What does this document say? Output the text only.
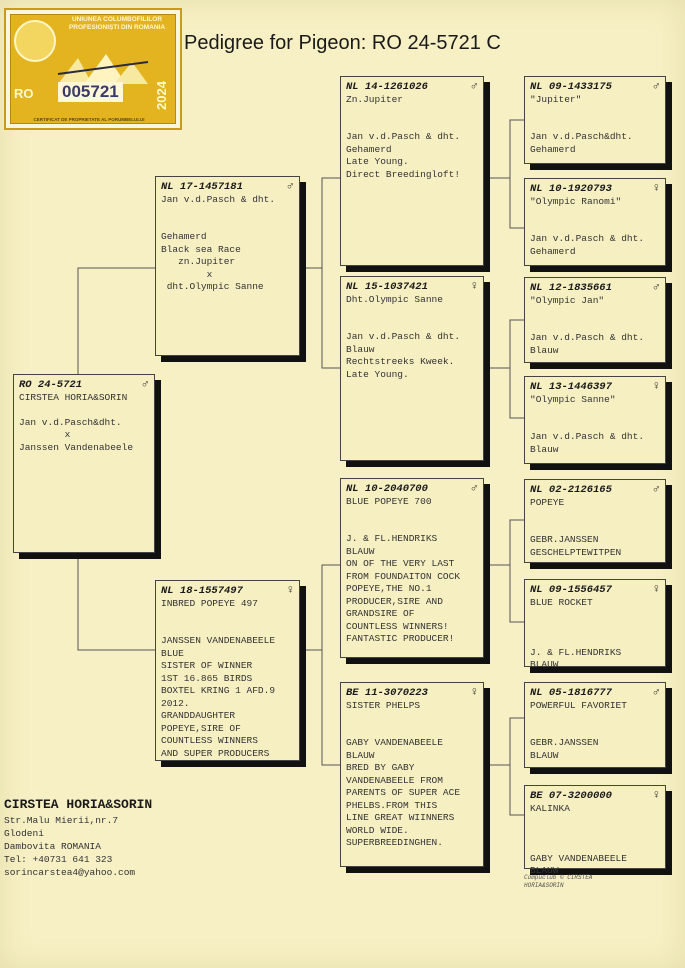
UNIUNEA COLUMBOFILILOR PROFESIONIȘTI DIN ROMANIA
RO 005721	2024
CERTIFICAT DE PROPRIETATE AL PORUMBELULUI
Pedigree for Pigeon: RO 24-5721 C
RO 24-5721	♂
CIRSTEA HORIA&SORIN
Jan v.d.Pasch&dht.
x
Janssen Vandenabeele
NL 17-1457181	♂
Jan v.d.Pasch & dht.
Gehamerd
Black sea Race
zn.Jupiter
x
dht.Olympic Sanne
NL 18-1557497	♀
INBRED POPEYE 497
JANSSEN VANDENABEELE
BLUE
SISTER OF WINNER
1ST 16.865 BIRDS
BOXTEL KRING 1 AFD.9
2012.
GRANDDAUGHTER
POPEYE,SIRE OF
COUNTLESS WINNERS
AND SUPER PRODUCERS
NL 14-1261026	♂
Zn.Jupiter
Jan v.d.Pasch & dht.
Gehamerd
Late Young.
Direct Breedingloft!
NL 15-1037421	♀
Dht.Olympic Sanne
Jan v.d.Pasch & dht.
Blauw
Rechtstreeks Kweek.
Late Young.
NL 10-2040700	♂
BLUE POPEYE 700
J. & FL.HENDRIKS
BLAUW
ON OF THE VERY LAST
FROM FOUNDAITON COCK
POPEYE,THE NO.1
PRODUCER,SIRE AND
GRANDSIRE OF
COUNTLESS WINNERS!
FANTASTIC PRODUCER!
BE 11-3070223	♀
SISTER PHELPS
GABY VANDENABEELE
BLAUW
BRED BY GABY
VANDENABEELE FROM
PARENTS OF SUPER ACE
PHELBS.FROM THIS
LINE GREAT WIINNERS
WORLD WIDE.
SUPERBREEDINGHEN.
NL 09-1433175	♂
"Jupiter"
Jan v.d.Pasch&dht.
Gehamerd
NL 10-1920793	♀
"Olympic Ranomi"
Jan v.d.Pasch & dht.
Gehamerd
NL 12-1835661	♂
"Olympic Jan"
Jan v.d.Pasch & dht.
Blauw
NL 13-1446397	♀
"Olympic Sanne"
Jan v.d.Pasch & dht.
Blauw
NL 02-2126165	♂
POPEYE
GEBR.JANSSEN
GESCHELPTEWITPEN
NL 09-1556457	♀
BLUE ROCKET
J. & FL.HENDRIKS
BLAUW
NL 05-1816777	♂
POWERFUL FAVORIET
GEBR.JANSSEN
BLAUW
BE 07-3200000	♀
KALINKA
GABY VANDENABEELE
BLAUW
CIRSTEA HORIA&SORIN
Str.Malu Mierii,nr.7
Glodeni
Dambovita ROMANIA
Tel: +40731 641 323
sorincarstea4@yahoo.com	Compuclub © CIRSTEA
HORIA&SORIN
